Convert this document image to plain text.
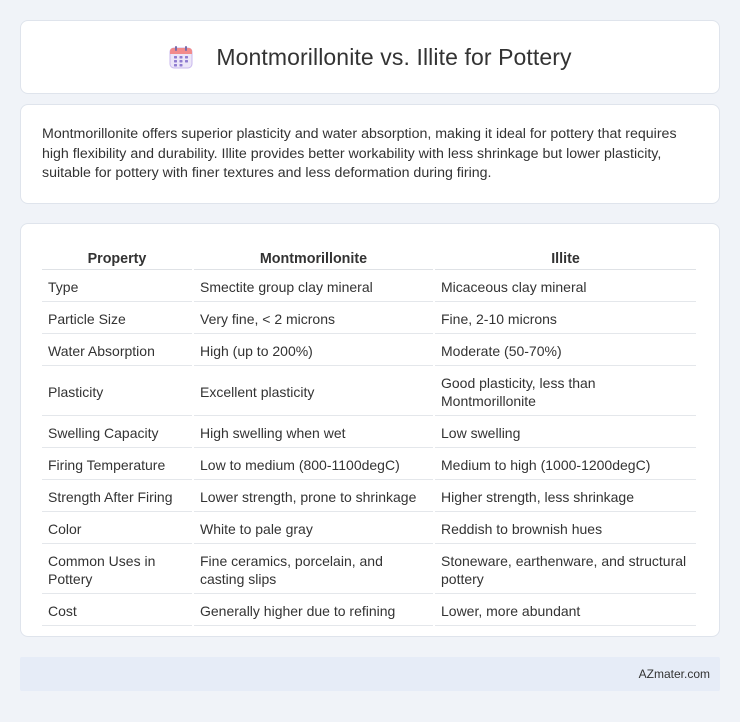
Montmorillonite vs. Illite for Pottery

Montmorillonite offers superior plasticity and water absorption, making it ideal for pottery that requires high flexibility and durability. Illite provides better workability with less shrinkage but lower plasticity, suitable for pottery with finer textures and less deformation during firing.

Property	Montmorillonite	Illite
Type	Smectite group clay mineral	Micaceous clay mineral
Particle Size	Very fine, < 2 microns	Fine, 2-10 microns
Water Absorption	High (up to 200%)	Moderate (50-70%)
Plasticity	Excellent plasticity	Good plasticity, less than Montmorillonite
Swelling Capacity	High swelling when wet	Low swelling
Firing Temperature	Low to medium (800-1100degC)	Medium to high (1000-1200degC)
Strength After Firing	Lower strength, prone to shrinkage	Higher strength, less shrinkage
Color	White to pale gray	Reddish to brownish hues
Common Uses in Pottery	Fine ceramics, porcelain, and casting slips	Stoneware, earthenware, and structural pottery
Cost	Generally higher due to refining	Lower, more abundant
AZmater.com
